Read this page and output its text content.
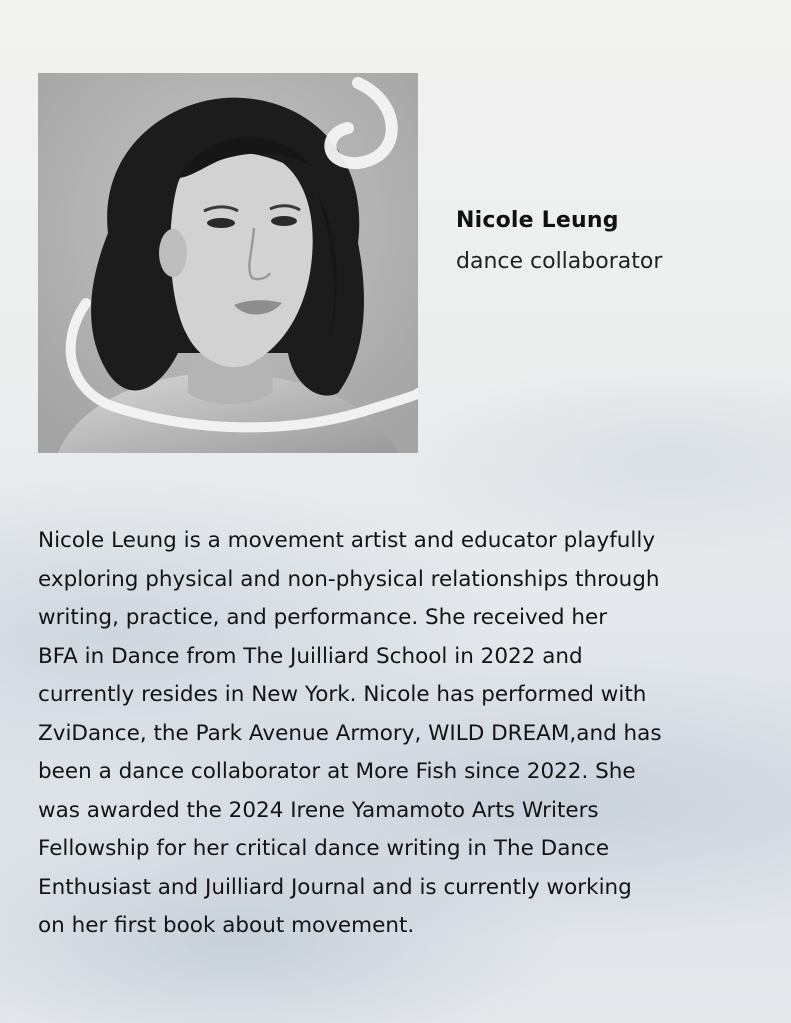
Nicole Leung
dance collaborator
Nicole Leung is a movement artist and educator playfully
exploring physical and non-physical relationships through
writing, practice, and performance. She received her
BFA in Dance from The Juilliard School in 2022 and
currently resides in New York. Nicole has performed with
ZviDance, the Park Avenue Armory, WILD DREAM,and has
been a dance collaborator at More Fish since 2022. She
was awarded the 2024 Irene Yamamoto Arts Writers
Fellowship for her critical dance writing in The Dance
Enthusiast and Juilliard Journal and is currently working
on her first book about movement.
